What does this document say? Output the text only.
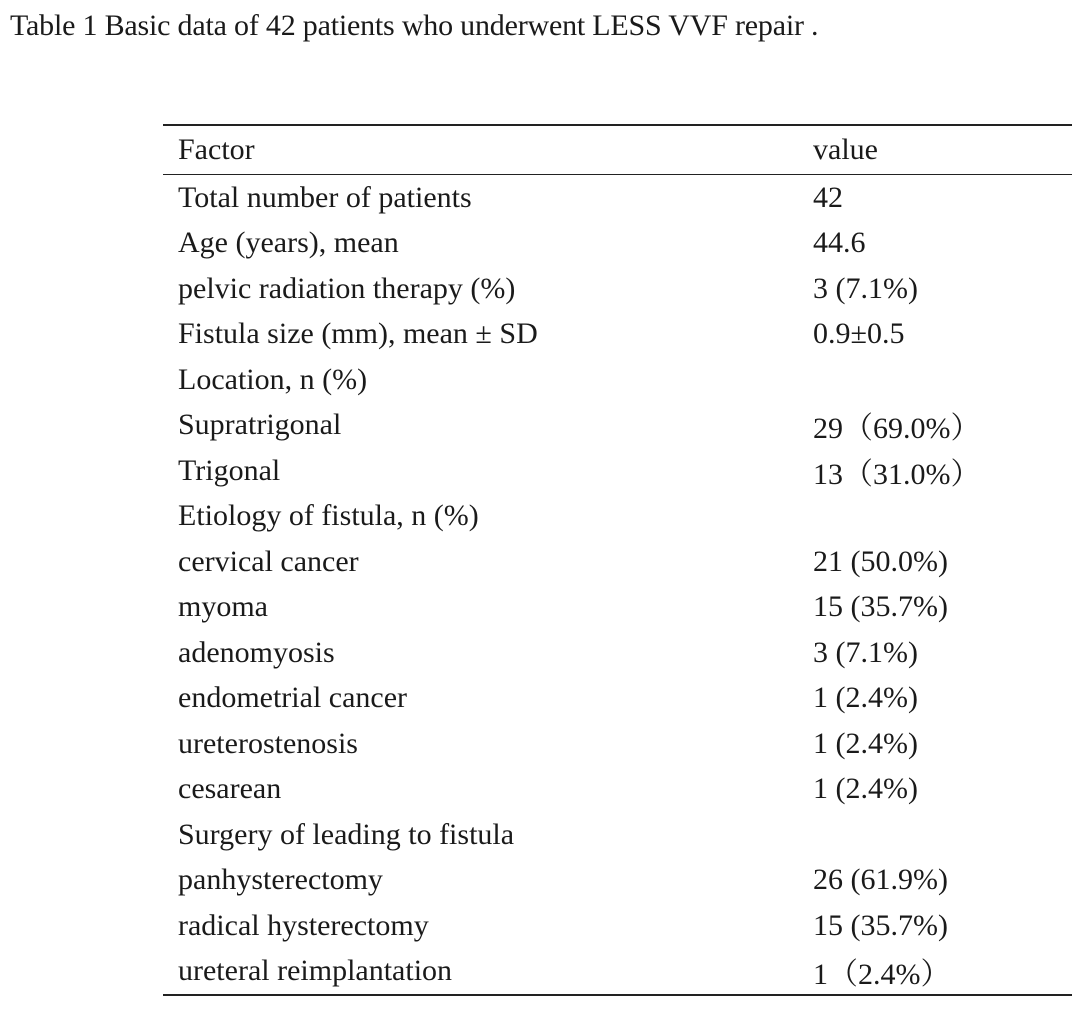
Table 1 Basic data of 42 patients who underwent LESS VVF repair .
Factor	value
Total number of patients	42
Age (years), mean	44.6
pelvic radiation therapy (%)	3 (7.1%)
Fistula size (mm), mean ± SD	0.9±0.5
Location, n (%)	
Supratrigonal	29（69.0%）
Trigonal	13（31.0%）
Etiology of fistula, n (%)	
cervical cancer	21 (50.0%)
myoma	15 (35.7%)
adenomyosis	3 (7.1%)
endometrial cancer	1 (2.4%)
ureterostenosis	1 (2.4%)
cesarean	1 (2.4%)
Surgery of leading to fistula	
panhysterectomy	26 (61.9%)
radical hysterectomy	15 (35.7%)
ureteral reimplantation	1（2.4%）
